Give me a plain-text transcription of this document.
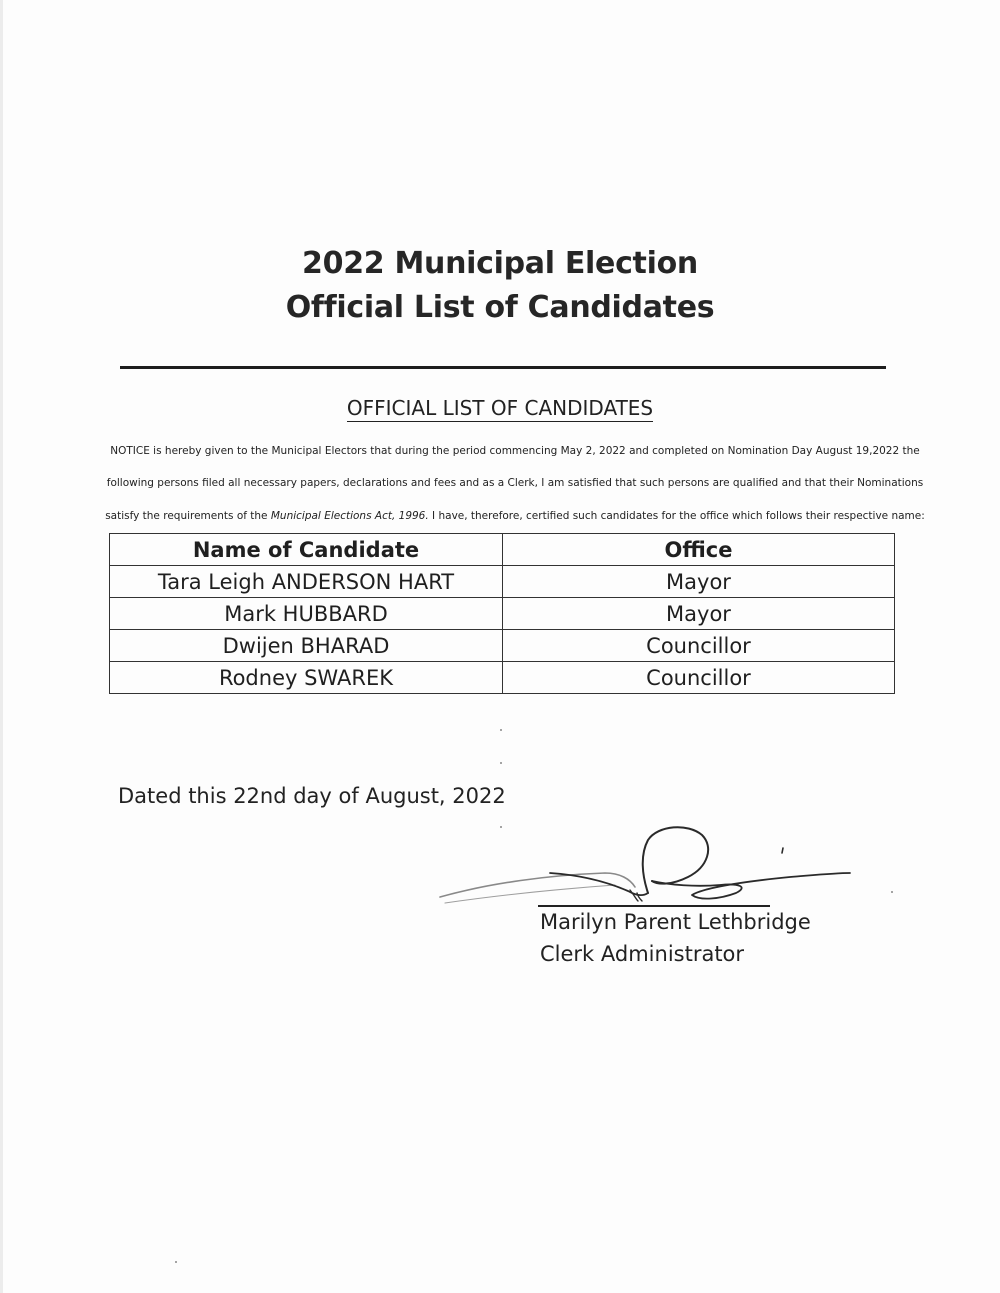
2022 Municipal Election
Official List of Candidates
OFFICIAL LIST OF CANDIDATES
NOTICE is hereby given to the Municipal Electors that during the period commencing May 2, 2022 and completed on Nomination Day August 19,2022 the
following persons filed all necessary papers, declarations and fees and as a Clerk, I am satisfied that such persons are qualified and that their Nominations
satisfy the requirements of the Municipal Elections Act, 1996. I have, therefore, certified such candidates for the office which follows their respective name:
Name of Candidate	Office
Tara Leigh ANDERSON HART	Mayor
Mark HUBBARD	Mayor
Dwijen BHARAD	Councillor
Rodney SWAREK	Councillor
Dated this 22nd day of August, 2022
Marilyn Parent Lethbridge
Clerk Administrator
